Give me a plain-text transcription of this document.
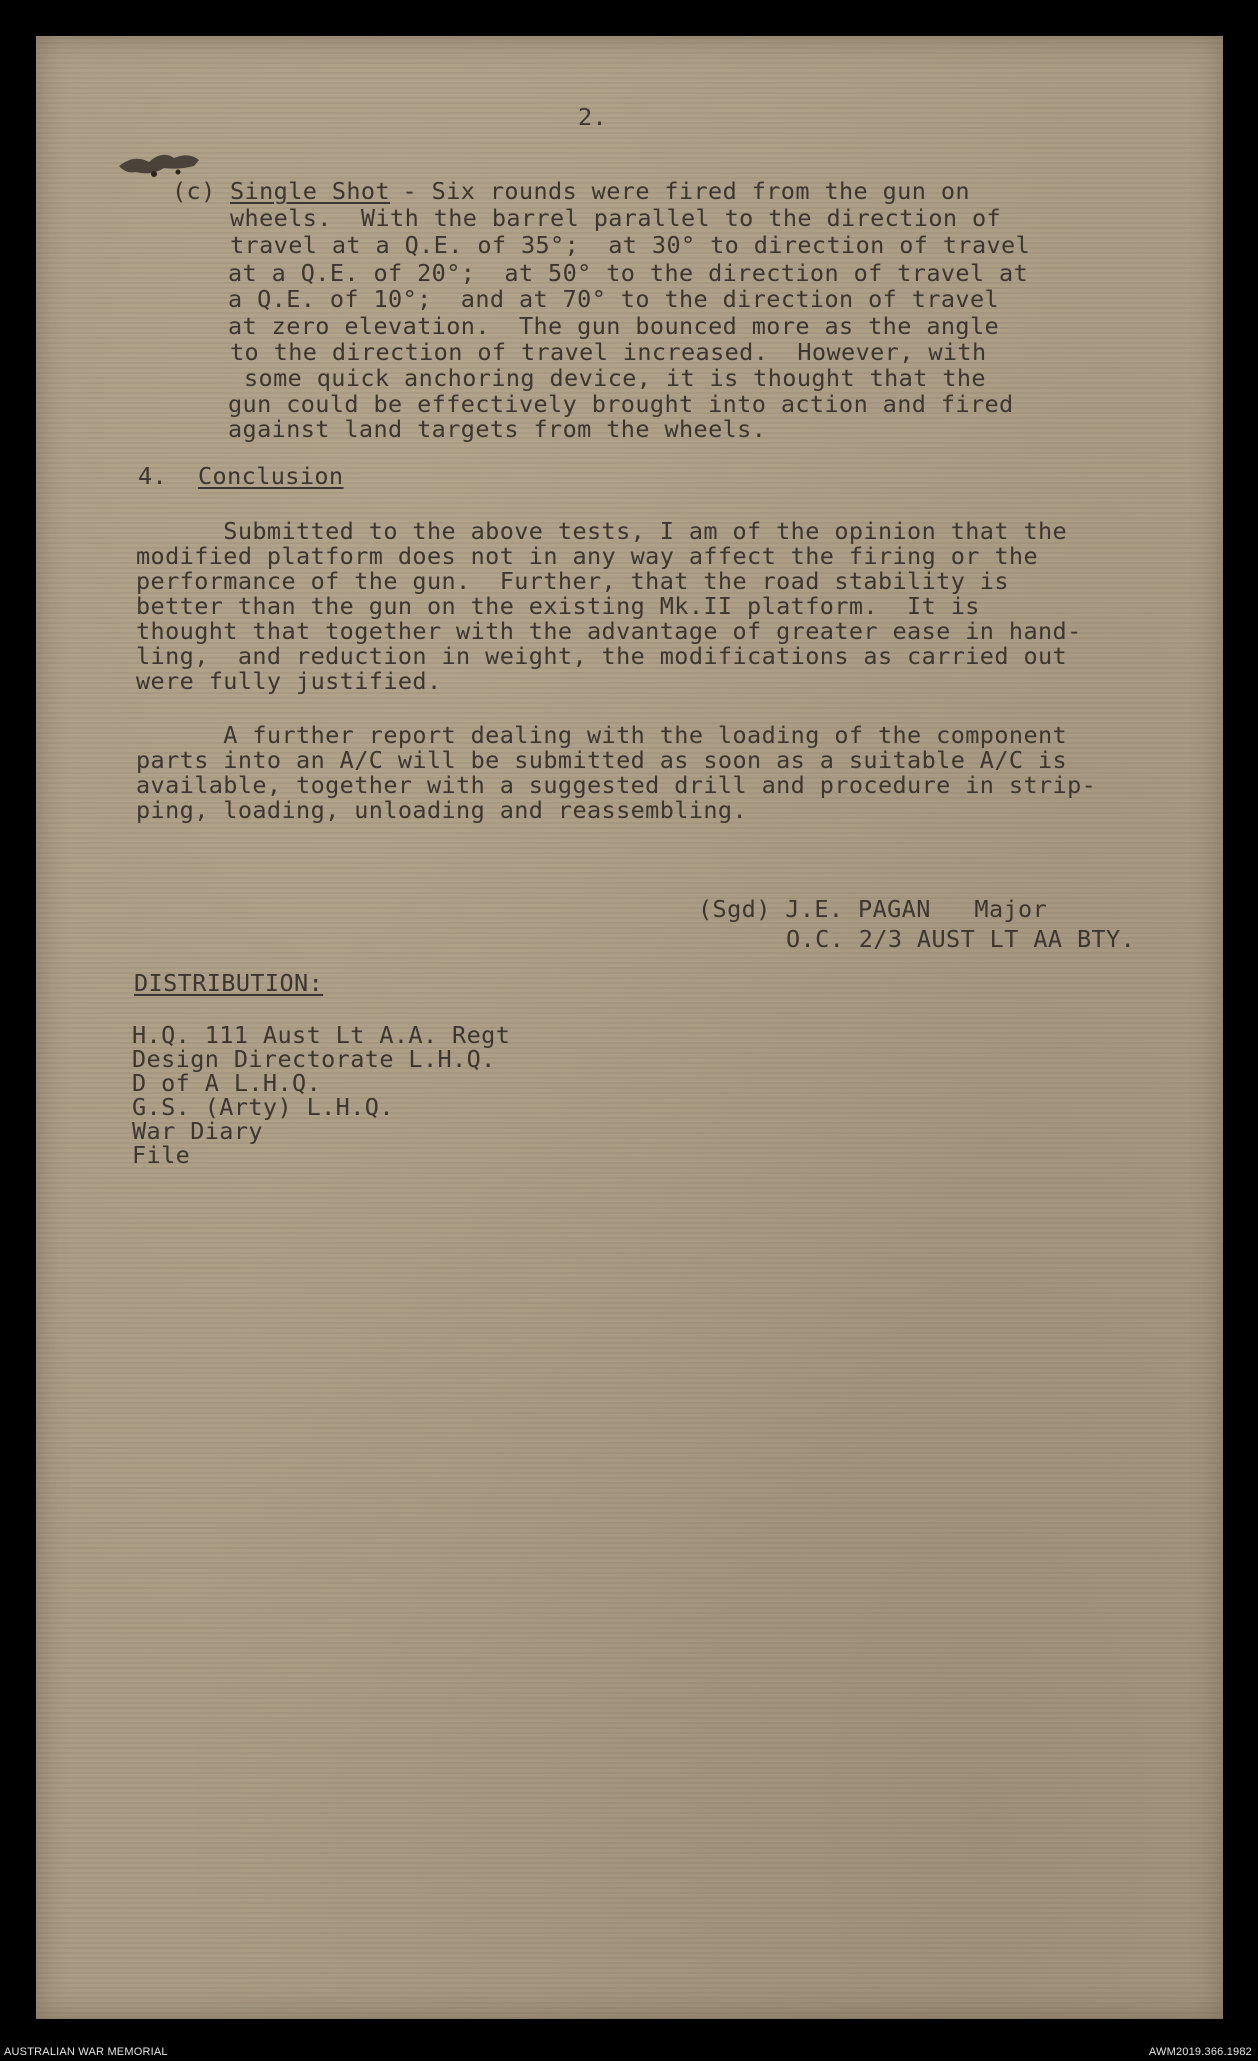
2.
(c) Single Shot
- Six rounds were fired from the gun on
wheels.  With the barrel parallel to the direction of
travel at a Q.E. of 35°;  at 30° to direction of travel
at a Q.E. of 20°;  at 50° to the direction of travel at
a Q.E. of 10°;  and at 70° to the direction of travel
at zero elevation.  The gun bounced more as the angle
to the direction of travel increased.  However, with
some quick anchoring device, it is thought that the
gun could be effectively brought into action and fired
against land targets from the wheels.
4. Conclusion
Submitted to the above tests, I am of the opinion that the
modified platform does not in any way affect the firing or the
performance of the gun.  Further, that the road stability is
better than the gun on the existing Mk.II platform.  It is
thought that together with the advantage of greater ease in hand-
ling,  and reduction in weight, the modifications as carried out
were fully justified.
A further report dealing with the loading of the component
parts into an A/C will be submitted as soon as a suitable A/C is
available, together with a suggested drill and procedure in strip-
ping, loading, unloading and reassembling.
(Sgd) J.E. PAGAN   Major
O.C. 2/3 AUST LT AA BTY.
DISTRIBUTION:
H.Q. 111 Aust Lt A.A. Regt
Design Directorate L.H.Q.
D of A L.H.Q.
G.S. (Arty) L.H.Q.
War Diary
File
AUSTRALIAN WAR MEMORIAL	AWM2019.366.1982
